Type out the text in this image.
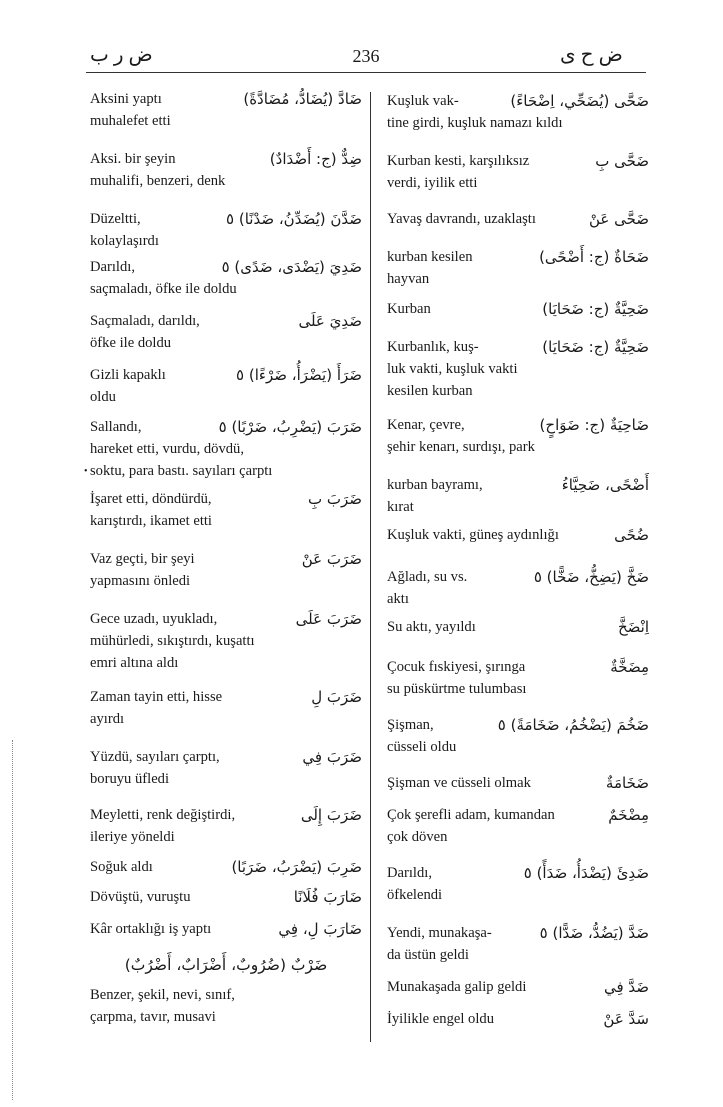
ض ر ب	236	ض ح ى
•
Aksini yaptı	ضَادَّ (يُضَادُّ، مُضَادَّةً)
muhalefet etti
Aksi. bir şeyin	ضِدٌّ (ج: أَضْدَادٌ)
muhalifi, benzeri, denk
Düzeltti,	ضَدَّنَ (يُضَدِّنُ، ضَدْنًا) ٥
kolaylaşırdı
Darıldı,	ضَدِيَ (يَضْدَى، ضَدًى) ٥
saçmaladı, öfke ile doldu
Saçmaladı, darıldı,	ضَدِيَ عَلَى
öfke ile doldu
Gizli kapaklı	ضَرَأَ (يَضْرَأُ، ضَرْءًا) ٥
oldu
Sallandı,	ضَرَبَ (يَضْرِبُ، ضَرْبًا) ٥
hareket etti, vurdu, dövdü,
soktu, para bastı. sayıları çarptı
İşaret etti, döndürdü,	ضَرَبَ بِ
karıştırdı, ikamet etti
Vaz geçti, bir şeyi	ضَرَبَ عَنْ
yapmasını önledi
Gece uzadı, uyukladı,	ضَرَبَ عَلَى
mühürledi, sıkıştırdı, kuşattı
emri altına aldı
Zaman tayin etti, hisse	ضَرَبَ لِ
ayırdı
Yüzdü, sayıları çarptı,	ضَرَبَ فِي
boruyu üfledi
Meyletti, renk değiştirdi,	ضَرَبَ إِلَى
ileriye yöneldi
Soğuk aldı	ضَرِبَ (يَضْرَبُ، ضَرَبًا)
Dövüştü, vuruştu	ضَارَبَ فُلَانًا
Kâr ortaklığı iş yaptı	ضَارَبَ لِ، فِي
ضَرْبٌ (ضُرُوبٌ، أَضْرَابٌ، أَضْرُبٌ)
Benzer, şekil, nevi, sınıf,
çarpma, tavır, musavi
Kuşluk vak-	ضَحَّى (يُضَحِّي، اِضْحَاءً)
tine girdi, kuşluk namazı kıldı
Kurban kesti, karşılıksız	ضَحَّى بِ
verdi, iyilik etti
Yavaş davrandı, uzaklaştı	ضَحَّى عَنْ
kurban kesilen	ضَحَاةٌ (ج: أَضْحًى)
hayvan
Kurban	ضَحِيَّةٌ (ج: ضَحَايَا)
Kurbanlık, kuş-	ضَحِيَّةٌ (ج: ضَحَايَا)
luk vakti, kuşluk vakti
kesilen kurban
Kenar, çevre,	ضَاحِيَةٌ (ج: ضَوَاحٍ)
şehir kenarı, surdışı, park
kurban bayramı,	أَضْحًى، ضَحِيَّاءُ
kırat
Kuşluk vakti, güneş aydınlığı	ضُحًى
Ağladı, su vs.	ضَخَّ (يَضِخُّ، ضَخًّا) ٥
aktı
Su aktı, yayıldı	اِنْضَخَّ
Çocuk fıskiyesi, şırınga	مِضَخَّةٌ
su püskürtme tulumbası
Şişman,	ضَخُمَ (يَضْخُمُ، ضَخَامَةً) ٥
cüsseli oldu
Şişman ve cüsseli olmak	ضَخَامَةٌ
Çok şerefli adam, kumandan	مِضْخَمٌ
çok döven
Darıldı,	ضَدِئَ (يَضْدَأُ، ضَدَأً) ٥
öfkelendi
Yendi, munakaşa-	ضَدَّ (يَضُدُّ، ضَدًّا) ٥
da üstün geldi
Munakaşada galip geldi	ضَدَّ فِي
İyilikle engel oldu	سَدَّ عَنْ
